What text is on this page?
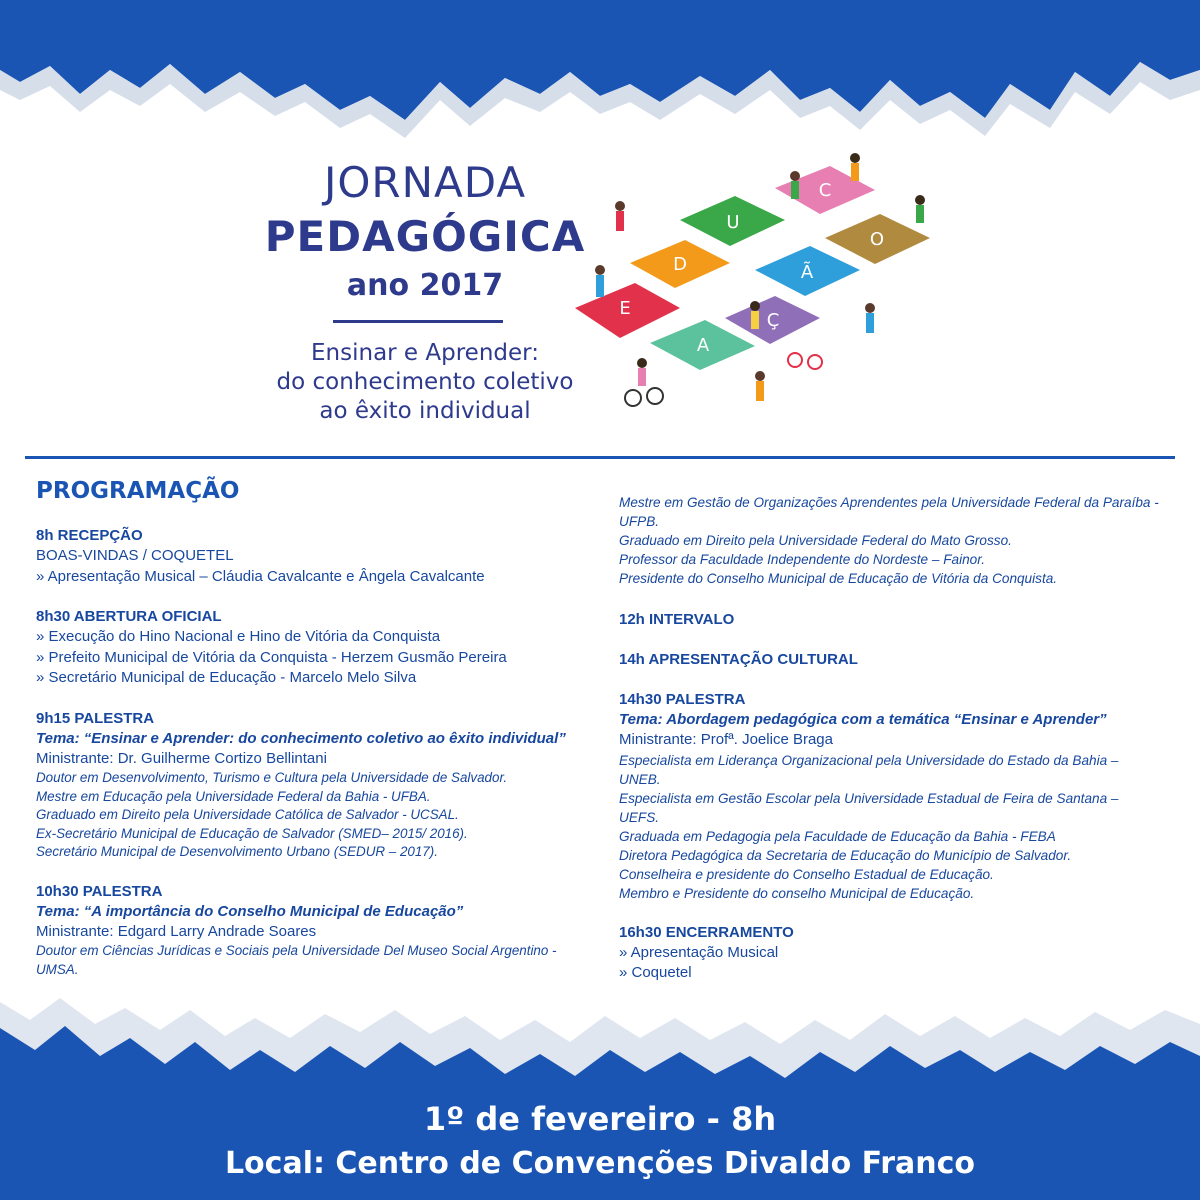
JORNADA
PEDAGÓGICA
ano 2017

Ensinar e Aprender:

do conhecimento coletivo

ao êxito individual

E
D
U
C
O
Ã
Ç
A
PROGRAMAÇÃO
8h RECEPÇÃO
BOAS-VINDAS / COQUETEL
» Apresentação Musical – Cláudia Cavalcante e Ângela Cavalcante
8h30 ABERTURA OFICIAL
» Execução do Hino Nacional e Hino de Vitória da Conquista
» Prefeito Municipal de Vitória da Conquista - Herzem Gusmão Pereira
» Secretário Municipal de Educação - Marcelo Melo Silva
9h15 PALESTRA
Tema: “Ensinar e Aprender: do conhecimento coletivo ao êxito individual”
Ministrante: Dr. Guilherme Cortizo Bellintani
Doutor em Desenvolvimento, Turismo e Cultura pela Universidade de Salvador.
Mestre em Educação pela Universidade Federal da Bahia - UFBA.
Graduado em Direito pela Universidade Católica de Salvador - UCSAL.
Ex-Secretário Municipal de Educação de Salvador (SMED– 2015/ 2016).
Secretário Municipal de Desenvolvimento Urbano (SEDUR – 2017).
10h30 PALESTRA
Tema: “A importância do Conselho Municipal de Educação”
Ministrante: Edgard Larry Andrade Soares
Doutor em Ciências Jurídicas e Sociais pela Universidade Del Museo Social Argentino - UMSA.
Mestre em Gestão de Organizações Aprendentes pela Universidade Federal da Paraíba - UFPB.
Graduado em Direito pela Universidade Federal do Mato Grosso.
Professor da Faculdade Independente do Nordeste – Fainor.
Presidente do Conselho Municipal de Educação de Vitória da Conquista.
12h INTERVALO
14h APRESENTAÇÃO CULTURAL
14h30 PALESTRA
Tema: Abordagem pedagógica com a temática “Ensinar e Aprender”
Ministrante: Profª. Joelice Braga
Especialista em Liderança Organizacional pela Universidade do Estado da Bahia – UNEB.
Especialista em Gestão Escolar pela Universidade Estadual de Feira de Santana – UEFS.
Graduada em Pedagogia pela Faculdade de Educação da Bahia - FEBA
Diretora Pedagógica da Secretaria de Educação do Município de Salvador.
Conselheira e presidente do Conselho Estadual de Educação.
Membro e Presidente do conselho Municipal de Educação.
16h30 ENCERRAMENTO
» Apresentação Musical
» Coquetel

1º de fevereiro - 8h

Local: Centro de Convenções Divaldo Franco
